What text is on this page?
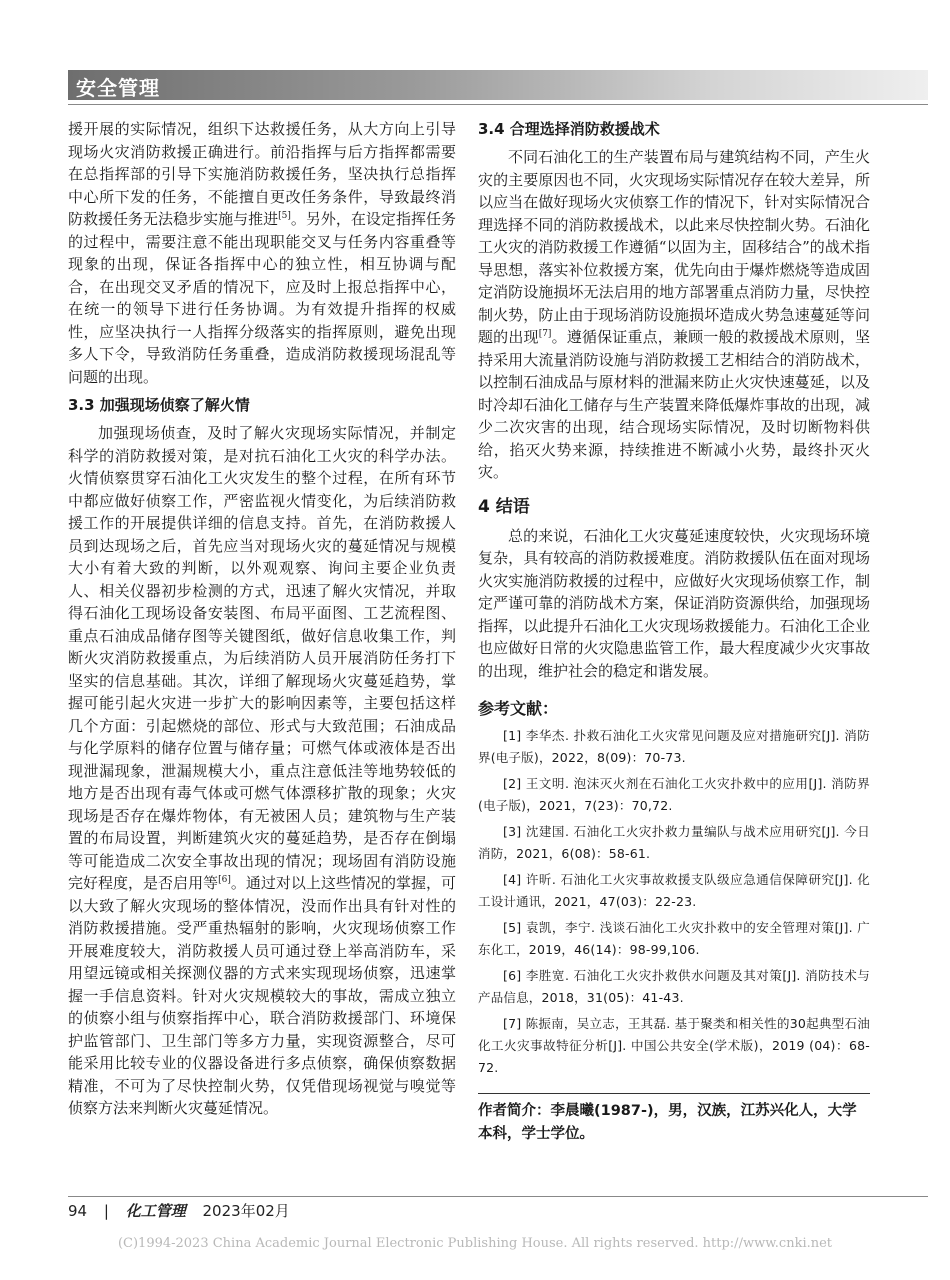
安全管理

援开展的实际情况，组织下达救援任务，从大方向上引导现场火灾消防救援正确进行。前沿指挥与后方指挥都需要在总指挥部的引导下实施消防救援任务，坚决执行总指挥中心所下发的任务，不能擅自更改任务条件，导致最终消防救援任务无法稳步实施与推进[5]。另外，在设定指挥任务的过程中，需要注意不能出现职能交叉与任务内容重叠等现象的出现，保证各指挥中心的独立性，相互协调与配合，在出现交叉矛盾的情况下，应及时上报总指挥中心，在统一的领导下进行任务协调。为有效提升指挥的权威性，应坚决执行一人指挥分级落实的指挥原则，避免出现多人下令，导致消防任务重叠，造成消防救援现场混乱等问题的出现。

3.3 加强现场侦察了解火情

加强现场侦查，及时了解火灾现场实际情况，并制定科学的消防救援对策，是对抗石油化工火灾的科学办法。火情侦察贯穿石油化工火灾发生的整个过程，在所有环节中都应做好侦察工作，严密监视火情变化，为后续消防救援工作的开展提供详细的信息支持。首先，在消防救援人员到达现场之后，首先应当对现场火灾的蔓延情况与规模大小有着大致的判断，以外观观察、询问主要企业负责人、相关仪器初步检测的方式，迅速了解火灾情况，并取得石油化工现场设备安装图、布局平面图、工艺流程图、重点石油成品储存图等关键图纸，做好信息收集工作，判断火灾消防救援重点，为后续消防人员开展消防任务打下坚实的信息基础。其次，详细了解现场火灾蔓延趋势，掌握可能引起火灾进一步扩大的影响因素等，主要包括这样几个方面：引起燃烧的部位、形式与大致范围；石油成品与化学原料的储存位置与储存量；可燃气体或液体是否出现泄漏现象，泄漏规模大小，重点注意低洼等地势较低的地方是否出现有毒气体或可燃气体漂移扩散的现象；火灾现场是否存在爆炸物体，有无被困人员；建筑物与生产装置的布局设置，判断建筑火灾的蔓延趋势，是否存在倒塌等可能造成二次安全事故出现的情况；现场固有消防设施完好程度，是否启用等[6]。通过对以上这些情况的掌握，可以大致了解火灾现场的整体情况，没而作出具有针对性的消防救援措施。受严重热辐射的影响，火灾现场侦察工作开展难度较大，消防救援人员可通过登上举高消防车，采用望远镜或相关探测仪器的方式来实现现场侦察，迅速掌握一手信息资料。针对火灾规模较大的事故，需成立独立的侦察小组与侦察指挥中心，联合消防救援部门、环境保护监管部门、卫生部门等多方力量，实现资源整合，尽可能采用比较专业的仪器设备进行多点侦察，确保侦察数据精准，不可为了尽快控制火势，仅凭借现场视觉与嗅觉等侦察方法来判断火灾蔓延情况。

3.4 合理选择消防救援战术

不同石油化工的生产装置布局与建筑结构不同，产生火灾的主要原因也不同，火灾现场实际情况存在较大差异，所以应当在做好现场火灾侦察工作的情况下，针对实际情况合理选择不同的消防救援战术，以此来尽快控制火势。石油化工火灾的消防救援工作遵循“以固为主，固移结合”的战术指导思想，落实补位救援方案，优先向由于爆炸燃烧等造成固定消防设施损坏无法启用的地方部署重点消防力量，尽快控制火势，防止由于现场消防设施损坏造成火势急速蔓延等问题的出现[7]。遵循保证重点，兼顾一般的救援战术原则，坚持采用大流量消防设施与消防救援工艺相结合的消防战术，以控制石油成品与原材料的泄漏来防止火灾快速蔓延，以及时冷却石油化工储存与生产装置来降低爆炸事故的出现，减少二次灾害的出现，结合现场实际情况，及时切断物料供给，掐灭火势来源，持续推进不断减小火势，最终扑灭火灾。

4 结语

总的来说，石油化工火灾蔓延速度较快，火灾现场环境复杂，具有较高的消防救援难度。消防救援队伍在面对现场火灾实施消防救援的过程中，应做好火灾现场侦察工作，制定严谨可靠的消防战术方案，保证消防资源供给，加强现场指挥，以此提升石油化工火灾现场救援能力。石油化工企业也应做好日常的火灾隐患监管工作，最大程度减少火灾事故的出现，维护社会的稳定和谐发展。

参考文献：
[1] 李华杰. 扑救石油化工火灾常见问题及应对措施研究[J]. 消防界(电子版)，2022，8(09)：70-73.
[2] 王文明. 泡沫灭火剂在石油化工火灾扑救中的应用[J]. 消防界(电子版)，2021，7(23)：70,72.
[3] 沈建国. 石油化工火灾扑救力量编队与战术应用研究[J]. 今日消防，2021，6(08)：58-61.
[4] 许昕. 石油化工火灾事故救援支队级应急通信保障研究[J]. 化工设计通讯，2021，47(03)：22-23.
[5] 袁凯，李宁. 浅谈石油化工火灾扑救中的安全管理对策[J]. 广东化工，2019，46(14)：98-99,106.
[6] 李胜宽. 石油化工火灾扑救供水问题及其对策[J]. 消防技术与产品信息，2018，31(05)：41-43.
[7] 陈振南，吴立志，王其磊. 基于聚类和相关性的30起典型石油化工火灾事故特征分析[J]. 中国公共安全(学术版)，2019 (04)：68-72.
作者简介：李晨曦(1987-)，男，汉族，江苏兴化人，大学本科，学士学位。
94 | 化工管理 2023年02月
(C)1994-2023 China Academic Journal Electronic Publishing House. All rights reserved. http://www.cnki.net
